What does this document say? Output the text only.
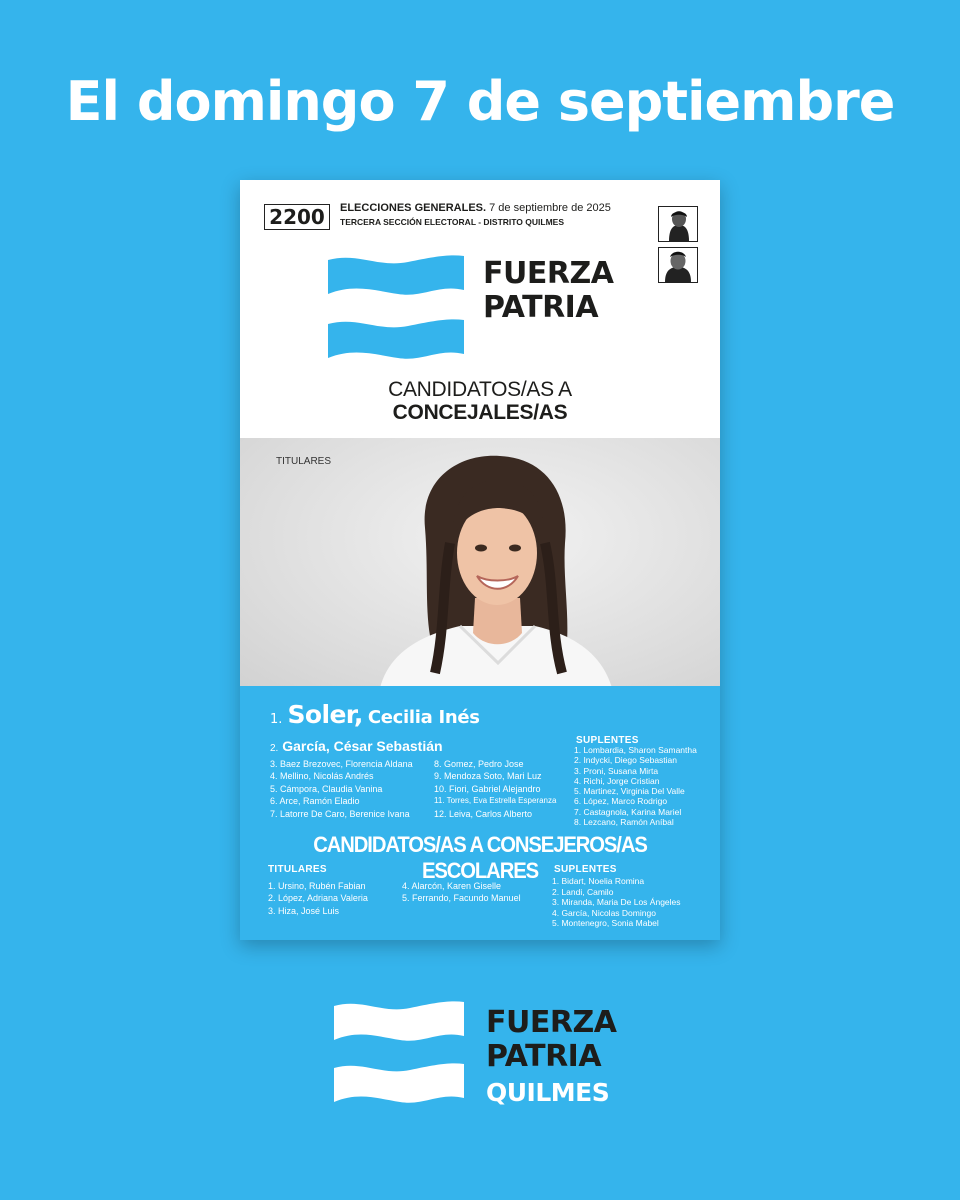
El domingo 7 de septiembre
2200	ELECCIONES GENERALES. 7 de septiembre de 2025
TERCERA SECCIÓN ELECTORAL - DISTRITO QUILMES
FUERZA
PATRIA
CANDIDATOS/AS A
CONCEJALES/AS
TITULARES
1. Soler, Cecilia Inés
2. García, César Sebastián
3. Baez Brezovec, Florencia Aldana
4. Mellino, Nicolás Andrés
5. Cámpora, Claudia Vanina
6. Arce, Ramón Eladio
7. Latorre De Caro, Berenice Ivana
8. Gomez, Pedro Jose
9. Mendoza Soto, Mari Luz
10. Fiori, Gabriel Alejandro
11. Torres, Eva Estrella Esperanza
12. Leiva, Carlos Alberto
SUPLENTES
1. Lombardia, Sharon Samantha
2. Indycki, Diego Sebastian
3. Proni, Susana Mirta
4. Richi, Jorge Cristian
5. Martinez, Virginia Del Valle
6. López, Marco Rodrigo
7. Castagnola, Karina Mariel
8. Lezcano, Ramón Aníbal
CANDIDATOS/AS A CONSEJEROS/AS ESCOLARES
TITULARES
1. Ursino, Rubén Fabian
2. López, Adriana Valeria
3. Hiza, José Luis
4. Alarcón, Karen Giselle
5. Ferrando, Facundo Manuel
SUPLENTES
1. Bidart, Noelia Romina
2. Landi, Camilo
3. Miranda, Maria De Los Ángeles
4. García, Nicolas Domingo
5. Montenegro, Sonia Mabel
FUERZA
PATRIA
QUILMES
